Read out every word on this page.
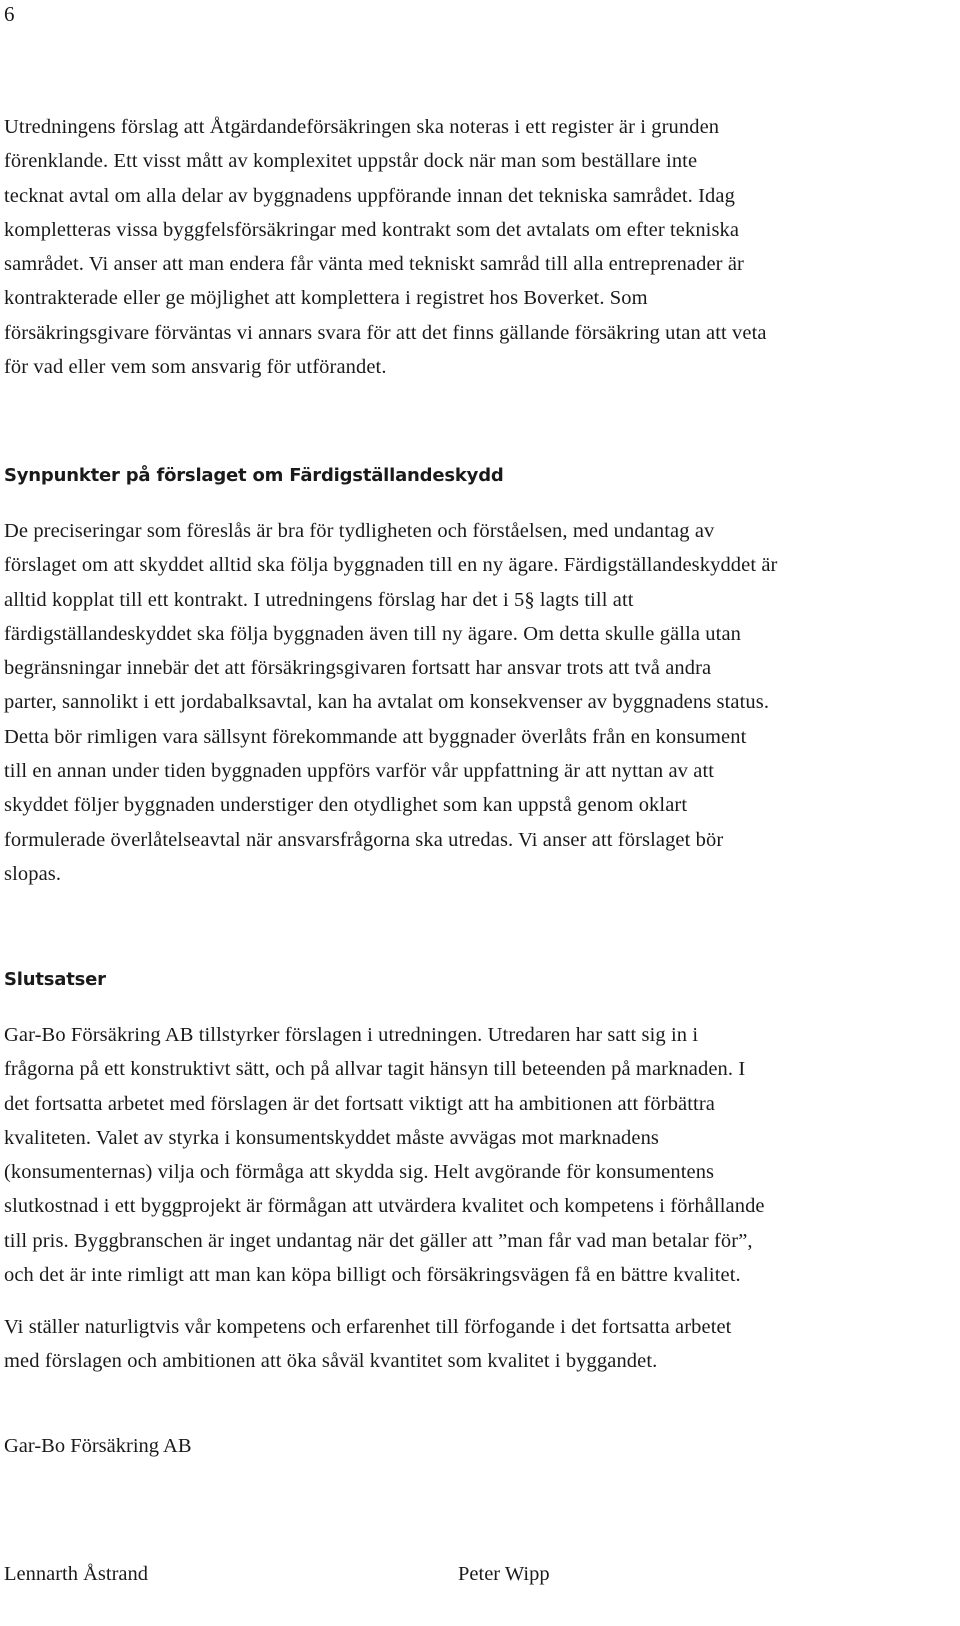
6

Utredningens förslag att Åtgärdandeförsäkringen ska noteras i ett register är i grunden
förenklande. Ett visst mått av komplexitet uppstår dock när man som beställare inte
tecknat avtal om alla delar av byggnadens uppförande innan det tekniska samrådet. Idag
kompletteras vissa byggfelsförsäkringar med kontrakt som det avtalats om efter tekniska
samrådet. Vi anser att man endera får vänta med tekniskt samråd till alla entreprenader är
kontrakterade eller ge möjlighet att komplettera i registret hos Boverket. Som
försäkringsgivare förväntas vi annars svara för att det finns gällande försäkring utan att veta
för vad eller vem som ansvarig för utförandet.

Synpunkter på förslaget om Färdigställandeskydd

De preciseringar som föreslås är bra för tydligheten och förståelsen, med undantag av
förslaget om att skyddet alltid ska följa byggnaden till en ny ägare. Färdigställandeskyddet är
alltid kopplat till ett kontrakt. I utredningens förslag har det i 5§ lagts till att
färdigställandeskyddet ska följa byggnaden även till ny ägare. Om detta skulle gälla utan
begränsningar innebär det att försäkringsgivaren fortsatt har ansvar trots att två andra
parter, sannolikt i ett jordabalksavtal, kan ha avtalat om konsekvenser av byggnadens status.
Detta bör rimligen vara sällsynt förekommande att byggnader överlåts från en konsument
till en annan under tiden byggnaden uppförs varför vår uppfattning är att nyttan av att
skyddet följer byggnaden understiger den otydlighet som kan uppstå genom oklart
formulerade överlåtelseavtal när ansvarsfrågorna ska utredas. Vi anser att förslaget bör
slopas.

Slutsatser

Gar-Bo Försäkring AB tillstyrker förslagen i utredningen. Utredaren har satt sig in i
frågorna på ett konstruktivt sätt, och på allvar tagit hänsyn till beteenden på marknaden. I
det fortsatta arbetet med förslagen är det fortsatt viktigt att ha ambitionen att förbättra
kvaliteten. Valet av styrka i konsumentskyddet måste avvägas mot marknadens
(konsumenternas) vilja och förmåga att skydda sig. Helt avgörande för konsumentens
slutkostnad i ett byggprojekt är förmågan att utvärdera kvalitet och kompetens i förhållande
till pris. Byggbranschen är inget undantag när det gäller att ”man får vad man betalar för”,
och det är inte rimligt att man kan köpa billigt och försäkringsvägen få en bättre kvalitet.

Vi ställer naturligtvis vår kompetens och erfarenhet till förfogande i det fortsatta arbetet
med förslagen och ambitionen att öka såväl kvantitet som kvalitet i byggandet.

Gar-Bo Försäkring AB
Lennarth Åstrand	Peter Wipp
